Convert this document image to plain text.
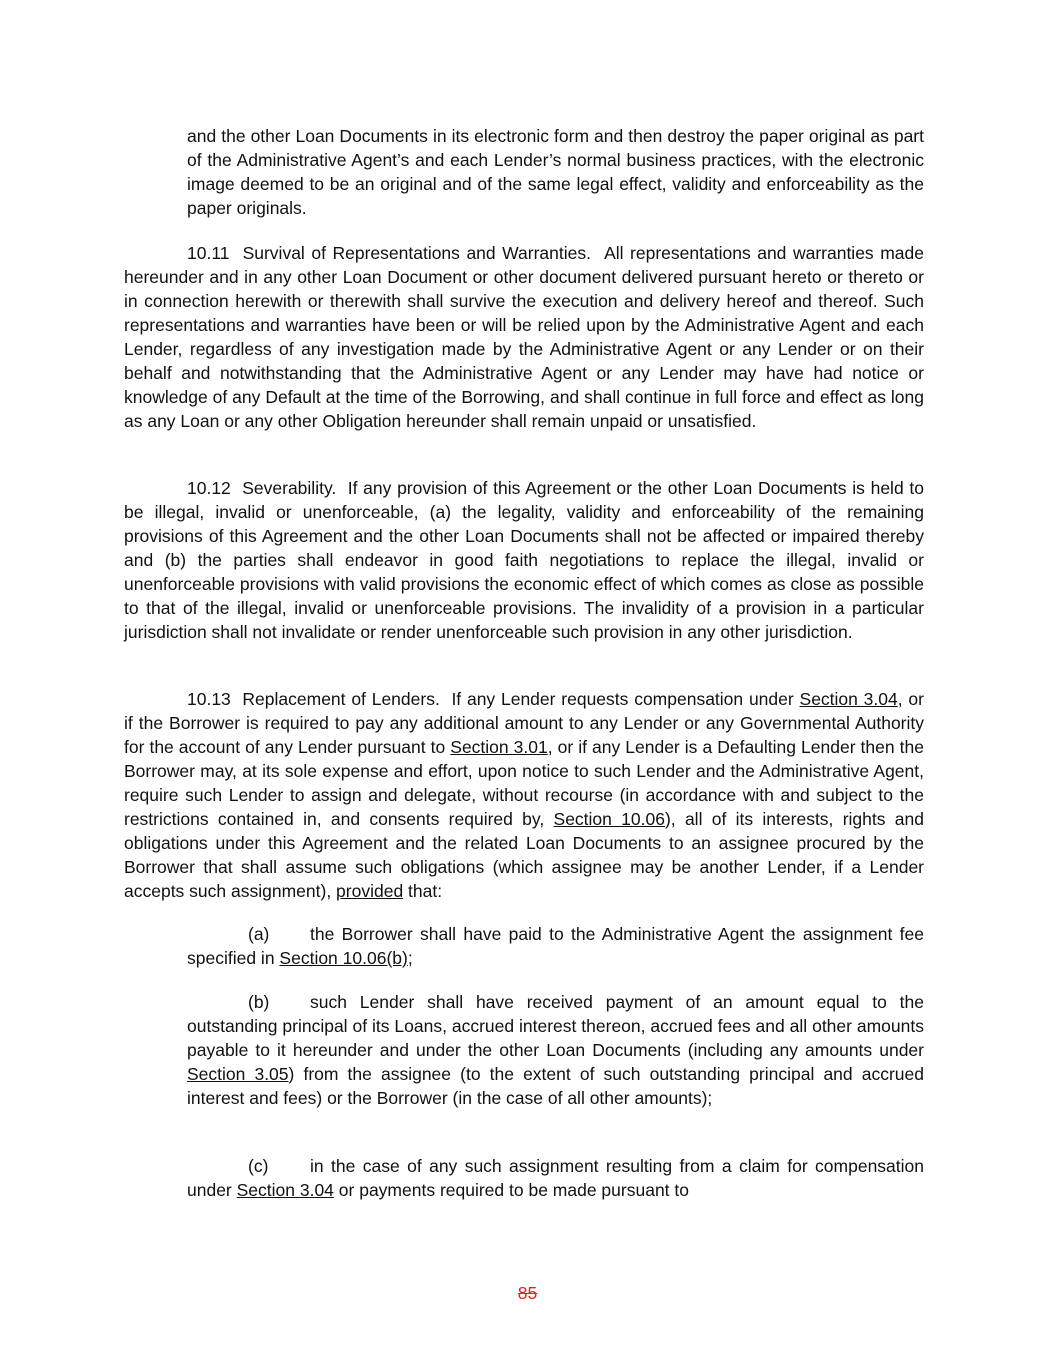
and the other Loan Documents in its electronic form and then destroy the paper original as part of the Administrative Agent’s and each Lender’s normal business practices, with the electronic image deemed to be an original and of the same legal effect, validity and enforceability as the paper originals.

10.11 Survival of Representations and Warranties. All representations and warranties made hereunder and in any other Loan Document or other document delivered pursuant hereto or thereto or in connection herewith or therewith shall survive the execution and delivery hereof and thereof. Such representations and warranties have been or will be relied upon by the Administrative Agent and each Lender, regardless of any investigation made by the Administrative Agent or any Lender or on their behalf and notwithstanding that the Administrative Agent or any Lender may have had notice or knowledge of any Default at the time of the Borrowing, and shall continue in full force and effect as long as any Loan or any other Obligation hereunder shall remain unpaid or unsatisfied.

10.12 Severability. If any provision of this Agreement or the other Loan Documents is held to be illegal, invalid or unenforceable, (a) the legality, validity and enforceability of the remaining provisions of this Agreement and the other Loan Documents shall not be affected or impaired thereby and (b) the parties shall endeavor in good faith negotiations to replace the illegal, invalid or unenforceable provisions with valid provisions the economic effect of which comes as close as possible to that of the illegal, invalid or unenforceable provisions. The invalidity of a provision in a particular jurisdiction shall not invalidate or render unenforceable such provision in any other jurisdiction.

10.13 Replacement of Lenders. If any Lender requests compensation under Section 3.04, or if the Borrower is required to pay any additional amount to any Lender or any Governmental Authority for the account of any Lender pursuant to Section 3.01, or if any Lender is a Defaulting Lender then the Borrower may, at its sole expense and effort, upon notice to such Lender and the Administrative Agent, require such Lender to assign and delegate, without recourse (in accordance with and subject to the restrictions contained in, and consents required by, Section 10.06), all of its interests, rights and obligations under this Agreement and the related Loan Documents to an assignee procured by the Borrower that shall assume such obligations (which assignee may be another Lender, if a Lender accepts such assignment), provided that:

(a) the Borrower shall have paid to the Administrative Agent the assignment fee specified in Section 10.06(b);

(b) such Lender shall have received payment of an amount equal to the outstanding principal of its Loans, accrued interest thereon, accrued fees and all other amounts payable to it hereunder and under the other Loan Documents (including any amounts under Section 3.05) from the assignee (to the extent of such outstanding principal and accrued interest and fees) or the Borrower (in the case of all other amounts);

(c) in the case of any such assignment resulting from a claim for compensation under Section 3.04 or payments required to be made pursuant to

85
